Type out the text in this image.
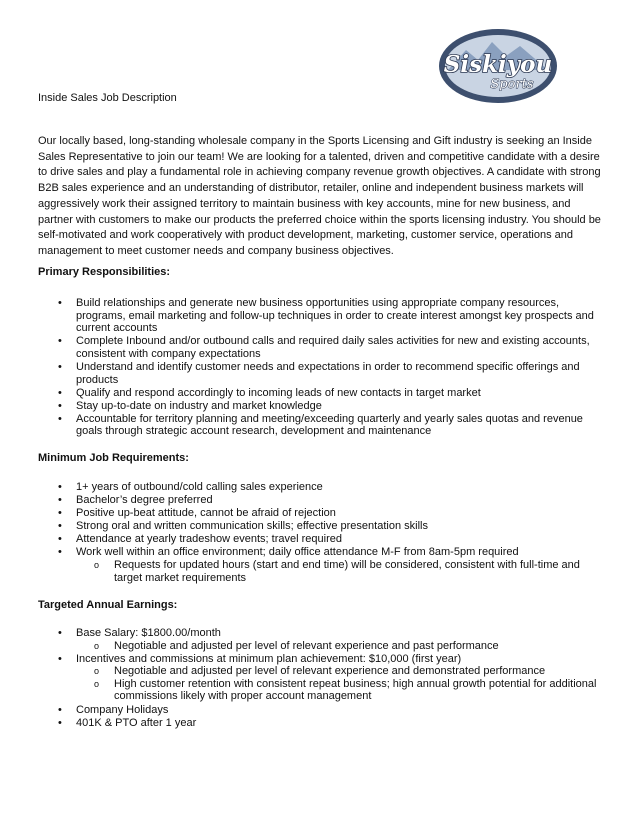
Siskiyou
Sports
Inside Sales Job Description

Our locally based, long-standing wholesale company in the Sports Licensing and Gift industry is seeking an Inside Sales Representative to join our team! We are looking for a talented, driven and competitive candidate with a desire to drive sales and play a fundamental role in achieving company revenue growth objectives. A candidate with strong B2B sales experience and an understanding of distributor, retailer, online and independent business markets will aggressively work their assigned territory to maintain business with key accounts, mine for new business, and partner with customers to make our products the preferred choice within the sports licensing industry. You should be self-motivated and work cooperatively with product development, marketing, customer service, operations and management to meet customer needs and company business objectives.

Primary Responsibilities:
• Build relationships and generate new business opportunities using appropriate company resources, programs, email marketing and follow-up techniques in order to create interest amongst key prospects and current accounts
• Complete Inbound and/or outbound calls and required daily sales activities for new and existing accounts, consistent with company expectations
• Understand and identify customer needs and expectations in order to recommend specific offerings and products
• Qualify and respond accordingly to incoming leads of new contacts in target market
• Stay up-to-date on industry and market knowledge
• Accountable for territory planning and meeting/exceeding quarterly and yearly sales quotas and revenue goals through strategic account research, development and maintenance
Minimum Job Requirements:
• 1+ years of outbound/cold calling sales experience
• Bachelor’s degree preferred
• Positive up-beat attitude, cannot be afraid of rejection
• Strong oral and written communication skills; effective presentation skills
• Attendance at yearly tradeshow events; travel required
• Work well within an office environment; daily office attendance M-F from 8am-5pm required
o Requests for updated hours (start and end time) will be considered, consistent with full-time and target market requirements
Targeted Annual Earnings:
• Base Salary: $1800.00/month
o Negotiable and adjusted per level of relevant experience and past performance
• Incentives and commissions at minimum plan achievement: $10,000 (first year)
o Negotiable and adjusted per level of relevant experience and demonstrated performance
o High customer retention with consistent repeat business; high annual growth potential for additional commissions likely with proper account management
• Company Holidays
• 401K & PTO after 1 year
